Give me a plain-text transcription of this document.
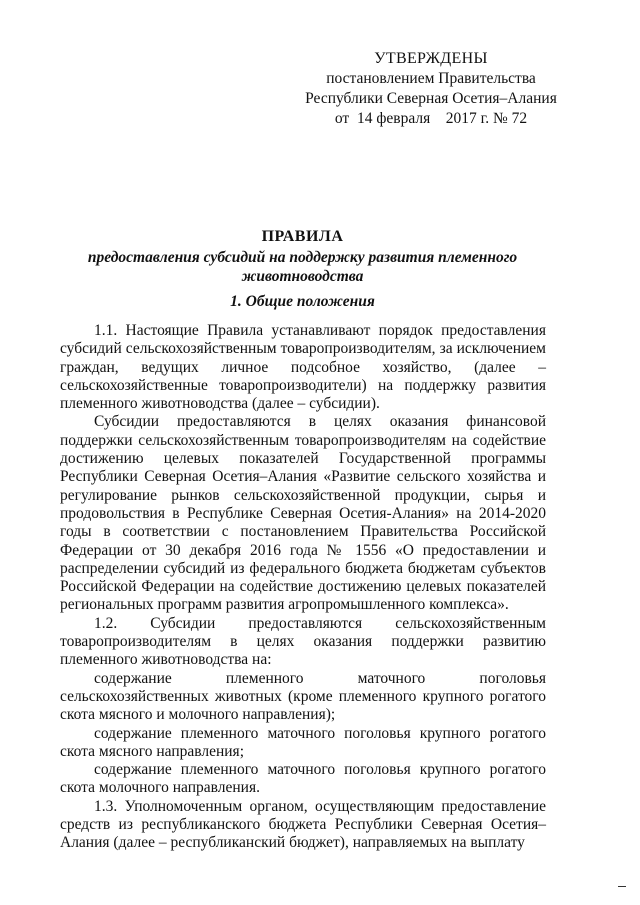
УТВЕРЖДЕНЫ
постановлением Правительства
Республики Северная Осетия–Алания
от  14 февраля    2017 г. № 72
ПРАВИЛА
предоставления субсидий на поддержку развития племенного животноводства
1. Общие положения

1.1. Настоящие Правила устанавливают порядок предоставления субсидий сельскохозяйственным товаропроизводителям, за исключением граждан, ведущих личное подсобное хозяйство, (далее – сельскохозяйственные товаропроизводители) на поддержку развития племенного животноводства (далее – субсидии).

Субсидии предоставляются в целях оказания финансовой поддержки сельскохозяйственным товаропроизводителям на содействие достижению целевых показателей Государственной программы Республики Северная Осетия–Алания «Развитие сельского хозяйства и регулирование рынков сельскохозяйственной продукции, сырья и продовольствия в Республике Северная Осетия-Алания» на 2014-2020 годы в соответствии с постановлением Правительства Российской Федерации от 30 декабря 2016 года № 1556 «О предоставлении и распределении субсидий из федерального бюджета бюджетам субъектов Российской Федерации на содействие достижению целевых показателей региональных программ развития агропромышленного комплекса».

1.2. Субсидии предоставляются сельскохозяйственным товаропроизводителям в целях оказания поддержки развитию племенного животноводства на:

содержание племенного маточного поголовья сельскохозяйственных животных (кроме племенного крупного рогатого скота мясного и молочного направления);

содержание племенного маточного поголовья крупного рогатого скота мясного направления;

содержание племенного маточного поголовья крупного рогатого скота молочного направления.

1.3. Уполномоченным органом, осуществляющим предоставление средств из республиканского бюджета Республики Северная Осетия–Алания (далее – республиканский бюджет), направляемых на выплату
